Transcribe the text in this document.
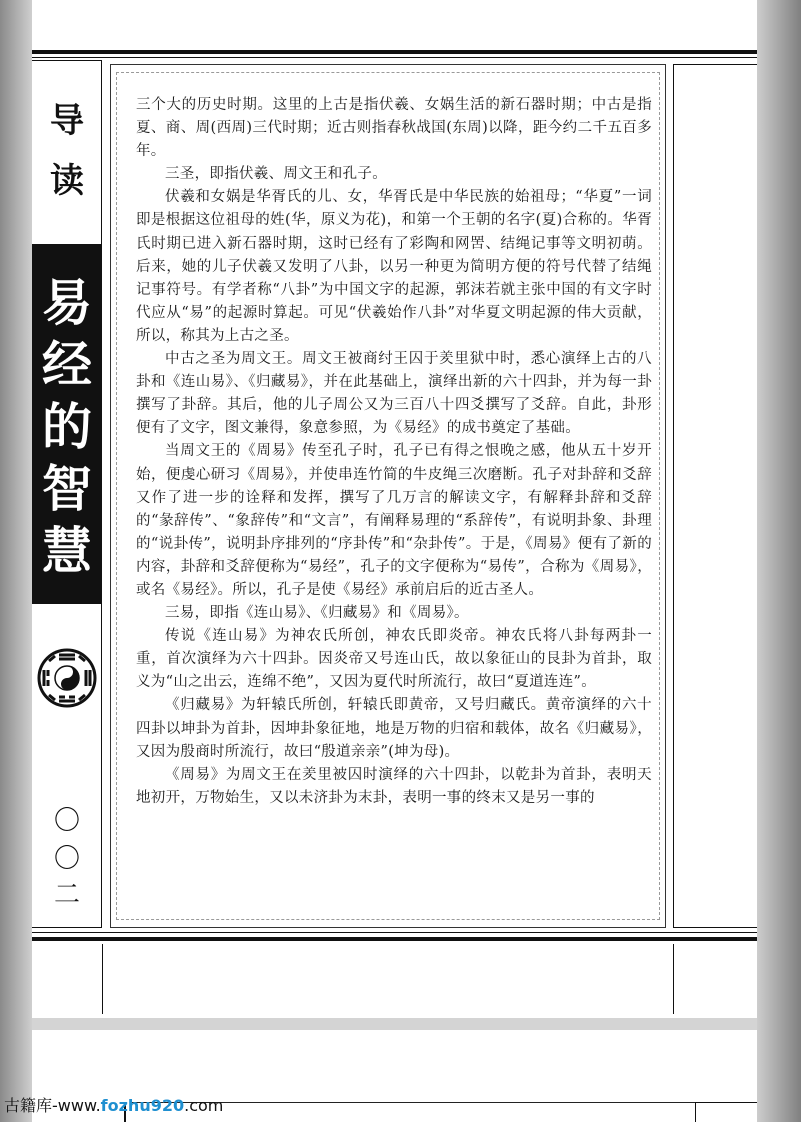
导
读
易
经
的
智
慧
〇
〇
二

三个大的历史时期。这里的上古是指伏羲、女娲生活的新石器时期；中古是指夏、商、周(西周)三代时期；近古则指春秋战国(东周)以降，距今约二千五百多年。

三圣，即指伏羲、周文王和孔子。

伏羲和女娲是华胥氏的儿、女，华胥氏是中华民族的始祖母；“华夏”一词即是根据这位祖母的姓(华，原义为花)，和第一个王朝的名字(夏)合称的。华胥氏时期已进入新石器时期，这时已经有了彩陶和网罟、结绳记事等文明初萌。后来，她的儿子伏羲又发明了八卦，以另一种更为简明方便的符号代替了结绳记事符号。有学者称“八卦”为中国文字的起源，郭沫若就主张中国的有文字时代应从“易”的起源时算起。可见“伏羲始作八卦”对华夏文明起源的伟大贡献，所以，称其为上古之圣。

中古之圣为周文王。周文王被商纣王囚于羑里狱中时，悉心演绎上古的八卦和《连山易》、《归藏易》，并在此基础上，演绎出新的六十四卦，并为每一卦撰写了卦辞。其后，他的儿子周公又为三百八十四爻撰写了爻辞。自此，卦形便有了文字，图文兼得，象意参照，为《易经》的成书奠定了基础。

当周文王的《周易》传至孔子时，孔子已有得之恨晚之感，他从五十岁开始，便虔心研习《周易》，并使串连竹简的牛皮绳三次磨断。孔子对卦辞和爻辞又作了进一步的诠释和发挥，撰写了几万言的解读文字，有解释卦辞和爻辞的“彖辞传”、“象辞传”和“文言”，有阐释易理的“系辞传”，有说明卦象、卦理的“说卦传”，说明卦序排列的“序卦传”和“杂卦传”。于是，《周易》便有了新的内容，卦辞和爻辞便称为“易经”，孔子的文字便称为“易传”，合称为《周易》，或名《易经》。所以，孔子是使《易经》承前启后的近古圣人。

三易，即指《连山易》、《归藏易》和《周易》。

传说《连山易》为神农氏所创，神农氏即炎帝。神农氏将八卦每两卦一重，首次演绎为六十四卦。因炎帝又号连山氏，故以象征山的艮卦为首卦，取义为“山之出云，连绵不绝”，又因为夏代时所流行，故曰“夏道连连”。

《归藏易》为轩辕氏所创，轩辕氏即黄帝，又号归藏氏。黄帝演绎的六十四卦以坤卦为首卦，因坤卦象征地，地是万物的归宿和载体，故名《归藏易》，又因为殷商时所流行，故曰“殷道亲亲”(坤为母)。

《周易》为周文王在羑里被囚时演绎的六十四卦，以乾卦为首卦，表明天地初开，万物始生，又以未济卦为末卦，表明一事的终末又是另一事的

古籍库-www.fozhu920.com
